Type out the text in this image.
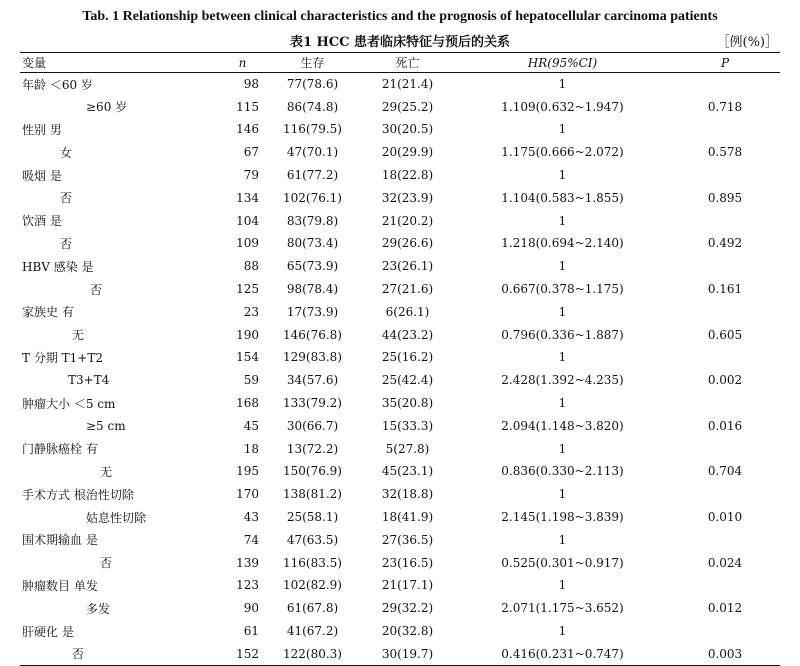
Tab. 1 Relationship between clinical characteristics and the prognosis of hepatocellular carcinoma patients
表1 HCC 患者临床特征与预后的关系	［例(%)］
变量	n	生存	死亡	HR(95%CI)	P
年龄 ＜60 岁	98	77(78.6)	21(21.4)	1	
≥60 岁	115	86(74.8)	29(25.2)	1.109(0.632~1.947)	0.718
性别 男	146	116(79.5)	30(20.5)	1	
女	67	47(70.1)	20(29.9)	1.175(0.666~2.072)	0.578
吸烟 是	79	61(77.2)	18(22.8)	1	
否	134	102(76.1)	32(23.9)	1.104(0.583~1.855)	0.895
饮酒 是	104	83(79.8)	21(20.2)	1	
否	109	80(73.4)	29(26.6)	1.218(0.694~2.140)	0.492
HBV 感染 是	88	65(73.9)	23(26.1)	1	
否	125	98(78.4)	27(21.6)	0.667(0.378~1.175)	0.161
家族史 有	23	17(73.9)	6(26.1)	1	
无	190	146(76.8)	44(23.2)	0.796(0.336~1.887)	0.605
T 分期 T1+T2	154	129(83.8)	25(16.2)	1	
T3+T4	59	34(57.6)	25(42.4)	2.428(1.392~4.235)	0.002
肿瘤大小 ＜5 cm	168	133(79.2)	35(20.8)	1	
≥5 cm	45	30(66.7)	15(33.3)	2.094(1.148~3.820)	0.016
门静脉癌栓 有	18	13(72.2)	5(27.8)	1	
无	195	150(76.9)	45(23.1)	0.836(0.330~2.113)	0.704
手术方式 根治性切除	170	138(81.2)	32(18.8)	1	
姑息性切除	43	25(58.1)	18(41.9)	2.145(1.198~3.839)	0.010
围术期输血 是	74	47(63.5)	27(36.5)	1	
否	139	116(83.5)	23(16.5)	0.525(0.301~0.917)	0.024
肿瘤数目 单发	123	102(82.9)	21(17.1)	1	
多发	90	61(67.8)	29(32.2)	2.071(1.175~3.652)	0.012
肝硬化 是	61	41(67.2)	20(32.8)	1	
否	152	122(80.3)	30(19.7)	0.416(0.231~0.747)	0.003
